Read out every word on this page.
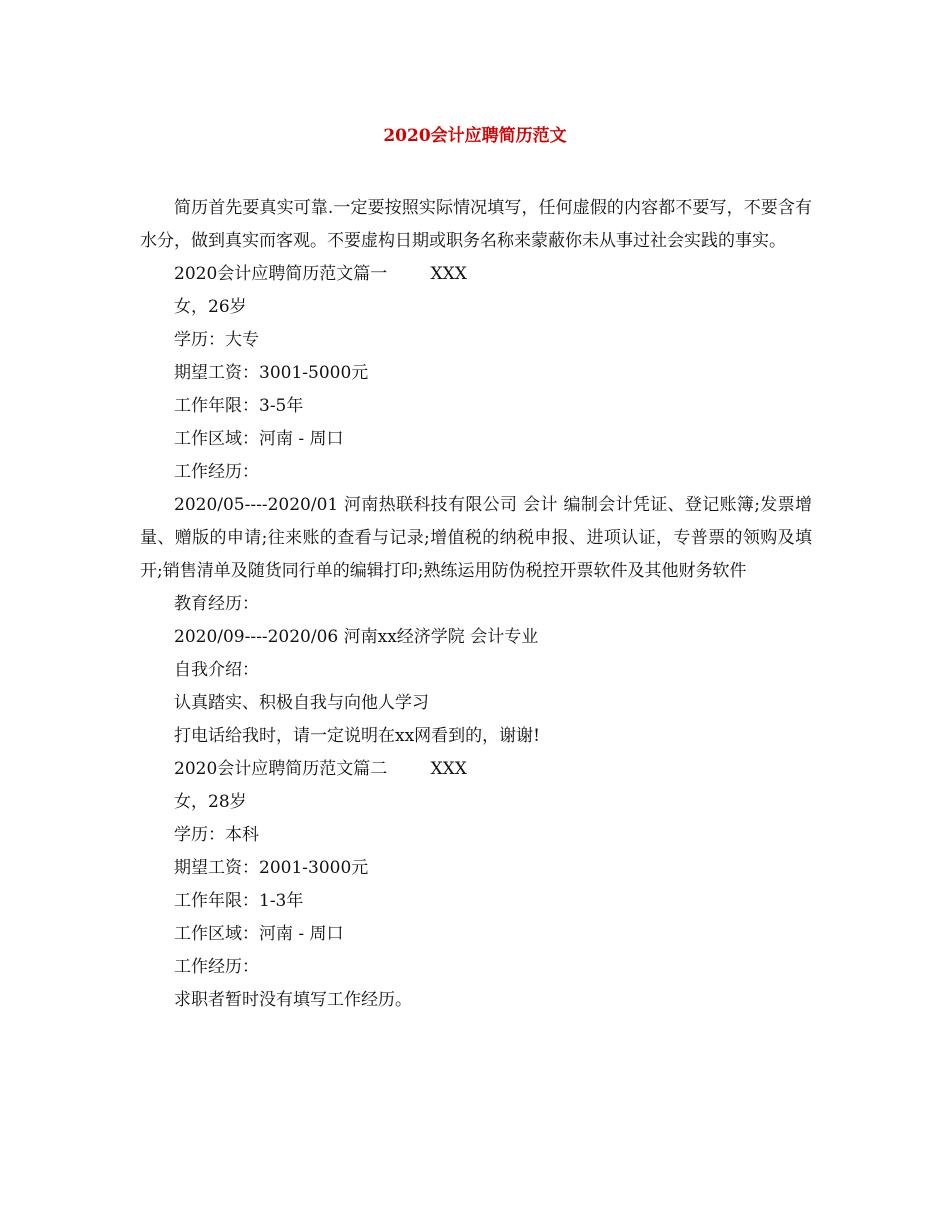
2020会计应聘简历范文

简历首先要真实可靠.一定要按照实际情况填写，任何虚假的内容都不要写，不要含有水分，做到真实而客观。不要虚构日期或职务名称来蒙蔽你未从事过社会实践的事实。

2020会计应聘简历范文篇一        XXX

女，26岁

学历：大专

期望工资：3001-5000元

工作年限：3-5年

工作区域：河南 - 周口

工作经历：

2020/05----2020/01 河南热联科技有限公司 会计 编制会计凭证、登记账簿;发票增量、赠版的申请;往来账的查看与记录;增值税的纳税申报、进项认证，专普票的领购及填开;销售清单及随货同行单的编辑打印;熟练运用防伪税控开票软件及其他财务软件

教育经历：

2020/09----2020/06 河南xx经济学院 会计专业

自我介绍：

认真踏实、积极自我与向他人学习

打电话给我时，请一定说明在xx网看到的，谢谢!

2020会计应聘简历范文篇二        XXX

女，28岁

学历：本科

期望工资：2001-3000元

工作年限：1-3年

工作区域：河南 - 周口

工作经历：

求职者暂时没有填写工作经历。
